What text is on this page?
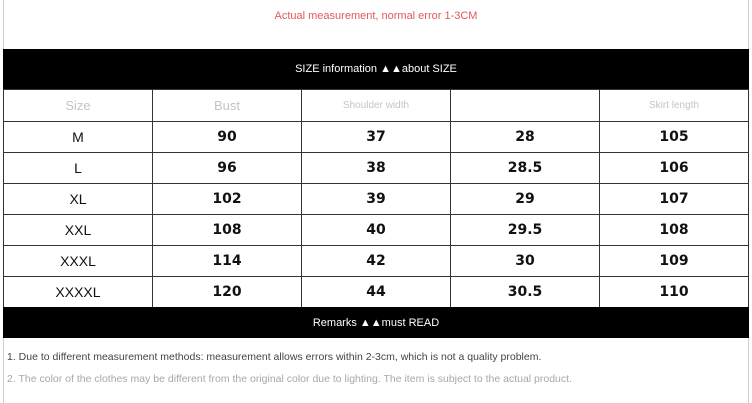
Actual measurement, normal error 1-3CM
SIZE information ▲▲about SIZE
Size	Bust	Shoulder width		Skirt length
M	90	37	28	105
L	96	38	28.5	106
XL	102	39	29	107
XXL	108	40	29.5	108
XXXL	114	42	30	109
XXXXL	120	44	30.5	110
Remarks ▲▲must READ
1. Due to different measurement methods: measurement allows errors within 2-3cm, which is not a quality problem.
2. The color of the clothes may be different from the original color due to lighting. The item is subject to the actual product.
